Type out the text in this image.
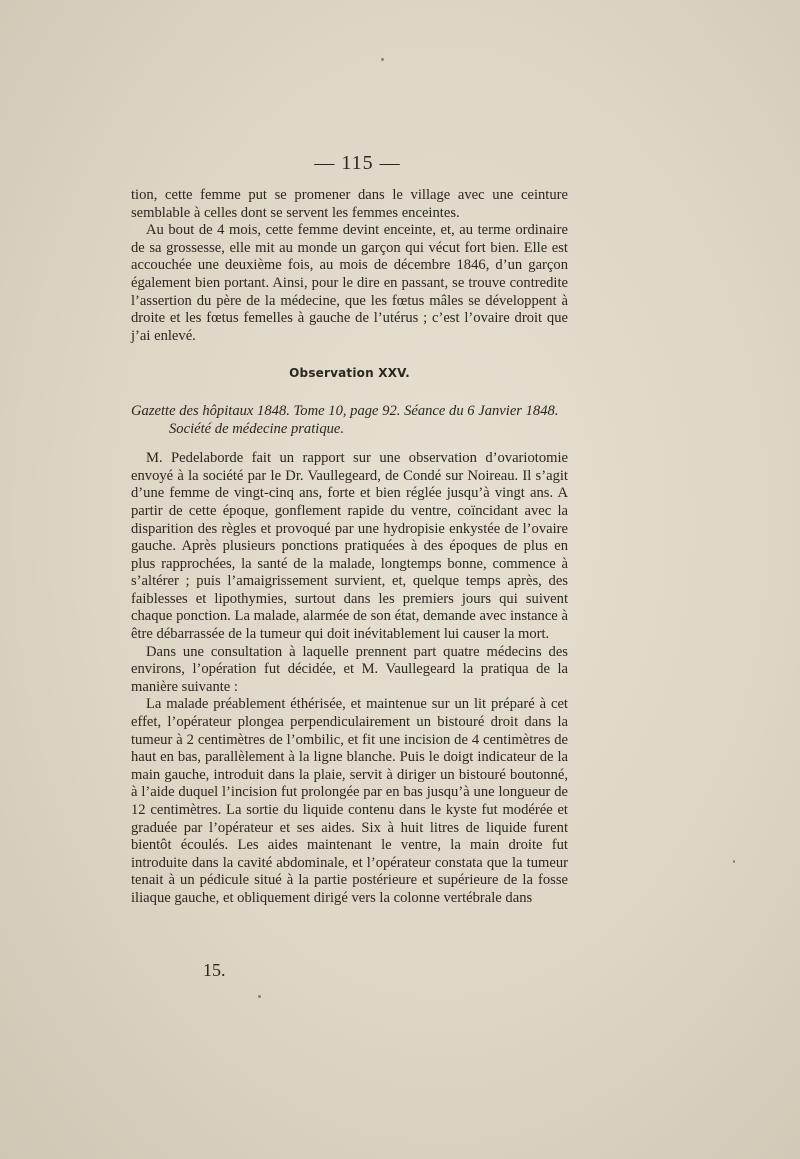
— 115 —

tion, cette femme put se promener dans le village avec une ceinture semblable à celles dont se servent les femmes enceintes.

Au bout de 4 mois, cette femme devint enceinte, et, au terme ordinaire de sa grossesse, elle mit au monde un garçon qui vécut fort bien. Elle est accouchée une deuxième fois, au mois de décembre 1846, d’un garçon également bien portant. Ainsi, pour le dire en passant, se trouve contredite l’assertion du père de la médecine, que les fœtus mâles se développent à droite et les fœtus femelles à gauche de l’utérus ; c’est l’ovaire droit que j’ai enlevé.

Observation XXV.

Gazette des hôpitaux 1848. Tome 10, page 92. Séance du 6 Janvier 1848. Société de médecine pratique.

M. Pedelaborde fait un rapport sur une observation d’ovariotomie envoyé à la société par le Dr. Vaullegeard, de Condé sur Noireau. Il s’agit d’une femme de vingt-cinq ans, forte et bien réglée jusqu’à vingt ans. A partir de cette époque, gonflement rapide du ventre, coïncidant avec la disparition des règles et provoqué par une hydropisie enkystée de l’ovaire gauche. Après plusieurs ponctions pratiquées à des époques de plus en plus rapprochées, la santé de la malade, longtemps bonne, commence à s’altérer ; puis l’amaigrissement survient, et, quelque temps après, des faiblesses et lipothymies, surtout dans les premiers jours qui suivent chaque ponction. La malade, alarmée de son état, demande avec instance à être débarrassée de la tumeur qui doit inévitablement lui causer la mort.

Dans une consultation à laquelle prennent part quatre médecins des environs, l’opération fut décidée, et M. Vaullegeard la pratiqua de la manière suivante :

La malade préablement éthérisée, et maintenue sur un lit préparé à cet effet, l’opérateur plongea perpendiculairement un bistouré droit dans la tumeur à 2 centimètres de l’ombilic, et fit une incision de 4 centimètres de haut en bas, parallèlement à la ligne blanche. Puis le doigt indicateur de la main gauche, introduit dans la plaie, servit à diriger un bistouré boutonné, à l’aide duquel l’incision fut prolongée par en bas jusqu’à une longueur de 12 centimètres. La sortie du liquide contenu dans le kyste fut modérée et graduée par l’opérateur et ses aides. Six à huit litres de liquide furent bientôt écoulés. Les aides maintenant le ventre, la main droite fut introduite dans la cavité abdominale, et l’opérateur constata que la tumeur tenait à un pédicule situé à la partie postérieure et supérieure de la fosse iliaque gauche, et obliquement dirigé vers la colonne vertébrale dans

15.
